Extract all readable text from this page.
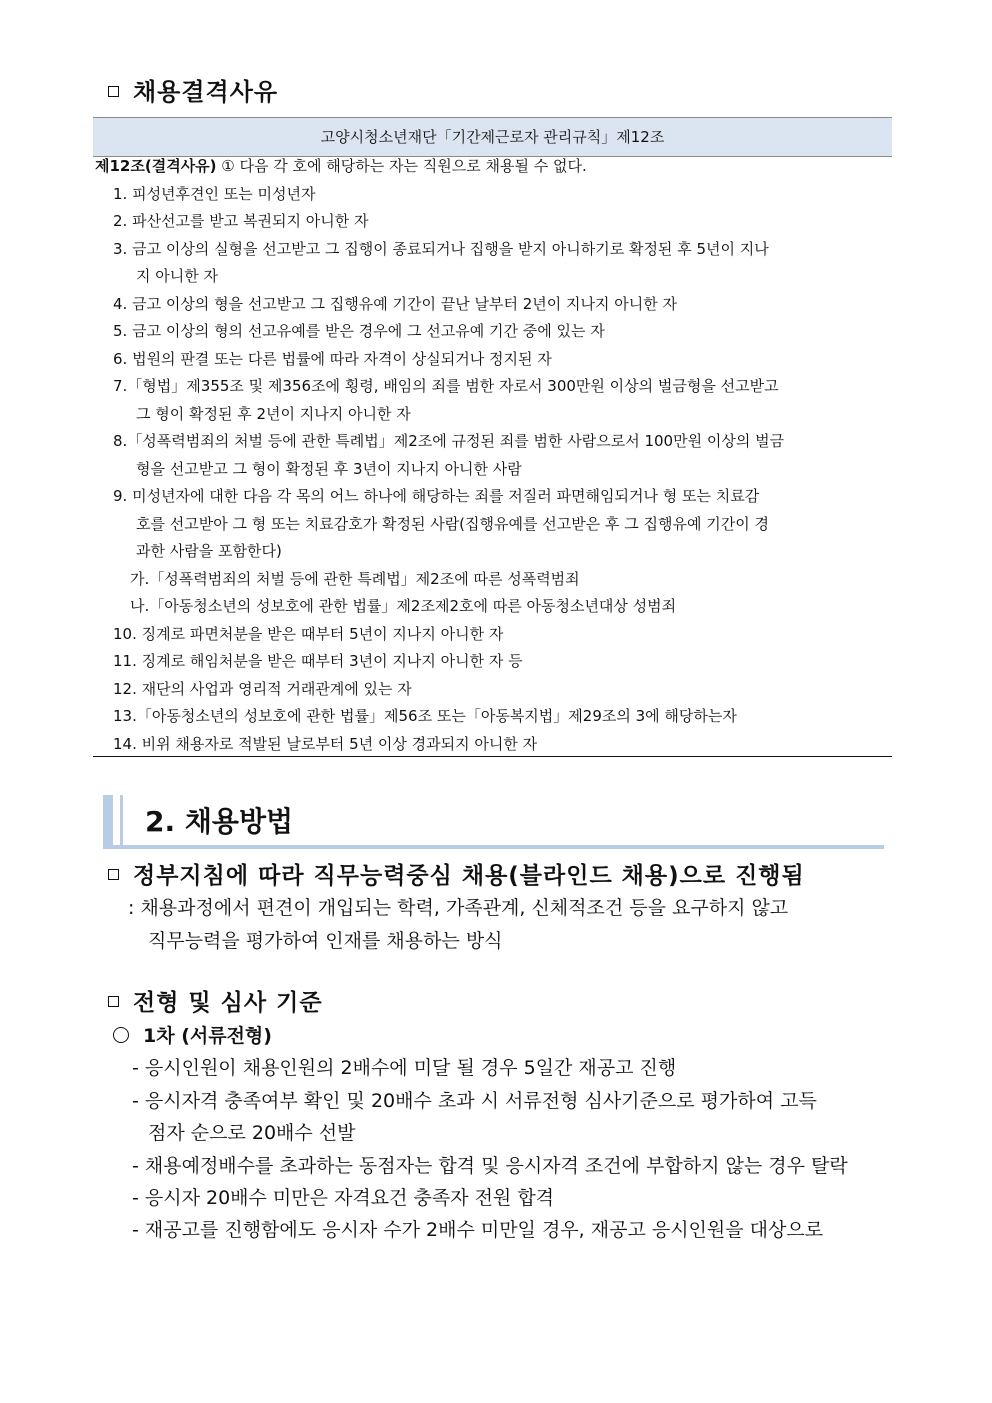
채용결격사유
고양시청소년재단「기간제근로자 관리규칙」제12조
제12조(결격사유) ① 다음 각 호에 해당하는 자는 직원으로 채용될 수 없다.
1. 피성년후견인 또는 미성년자
2. 파산선고를 받고 복권되지 아니한 자
3. 금고 이상의 실형을 선고받고 그 집행이 종료되거나 집행을 받지 아니하기로 확정된 후 5년이 지나
지 아니한 자
4. 금고 이상의 형을 선고받고 그 집행유예 기간이 끝난 날부터 2년이 지나지 아니한 자
5. 금고 이상의 형의 선고유예를 받은 경우에 그 선고유예 기간 중에 있는 자
6. 법원의 판결 또는 다른 법률에 따라 자격이 상실되거나 정지된 자
7.「형법」제355조 및 제356조에 횡령, 배임의 죄를 범한 자로서 300만원 이상의 벌금형을 선고받고
그 형이 확정된 후 2년이 지나지 아니한 자
8.「성폭력범죄의 처벌 등에 관한 특례법」제2조에 규정된 죄를 범한 사람으로서 100만원 이상의 벌금
형을 선고받고 그 형이 확정된 후 3년이 지나지 아니한 사람
9. 미성년자에 대한 다음 각 목의 어느 하나에 해당하는 죄를 저질러 파면해임되거나 형 또는 치료감
호를 선고받아 그 형 또는 치료감호가 확정된 사람(집행유예를 선고받은 후 그 집행유예 기간이 경
과한 사람을 포함한다)
가.「성폭력범죄의 처벌 등에 관한 특례법」제2조에 따른 성폭력범죄
나.「아동청소년의 성보호에 관한 법률」제2조제2호에 따른 아동청소년대상 성범죄
10. 징계로 파면처분을 받은 때부터 5년이 지나지 아니한 자
11. 징계로 해임처분을 받은 때부터 3년이 지나지 아니한 자 등
12. 재단의 사업과 영리적 거래관계에 있는 자
13.「아동청소년의 성보호에 관한 법률」제56조 또는「아동복지법」제29조의 3에 해당하는자
14. 비위 채용자로 적발된 날로부터 5년 이상 경과되지 아니한 자
2. 채용방법
정부지침에 따라 직무능력중심 채용(블라인드 채용)으로 진행됨
: 채용과정에서 편견이 개입되는 학력, 가족관계, 신체적조건 등을 요구하지 않고
직무능력을 평가하여 인재를 채용하는 방식
전형 및 심사 기준
1차 (서류전형)
- 응시인원이 채용인원의 2배수에 미달 될 경우 5일간 재공고 진행
- 응시자격 충족여부 확인 및 20배수 초과 시 서류전형 심사기준으로 평가하여 고득
점자 순으로 20배수 선발
- 채용예정배수를 초과하는 동점자는 합격 및 응시자격 조건에 부합하지 않는 경우 탈락
- 응시자 20배수 미만은 자격요건 충족자 전원 합격
- 재공고를 진행함에도 응시자 수가 2배수 미만일 경우, 재공고 응시인원을 대상으로
